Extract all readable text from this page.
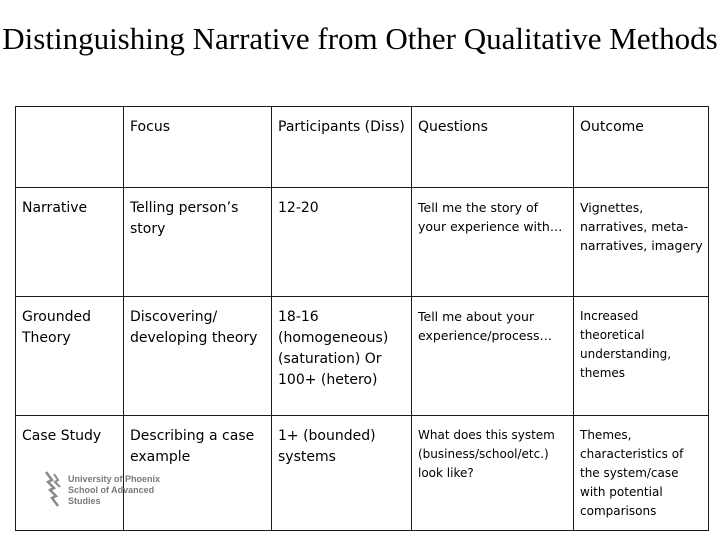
Distinguishing Narrative from Other Qualitative Methods
	Focus	Participants (Diss)	Questions	Outcome
Narrative	Telling person’s story	12-20	Tell me the story of your experience with…	Vignettes, narratives, meta-narratives, imagery
Grounded Theory	Discovering/ developing theory	18-16 (homogeneous) (saturation) Or 100+ (hetero)	Tell me about your experience/process…	Increased theoretical understanding, themes
Case Study	Describing a case example	1+ (bounded) systems	What does this system (business/school/etc.) look like?	Themes, characteristics of the system/case with potential comparisons
University of Phoenix
School of Advanced
Studies
